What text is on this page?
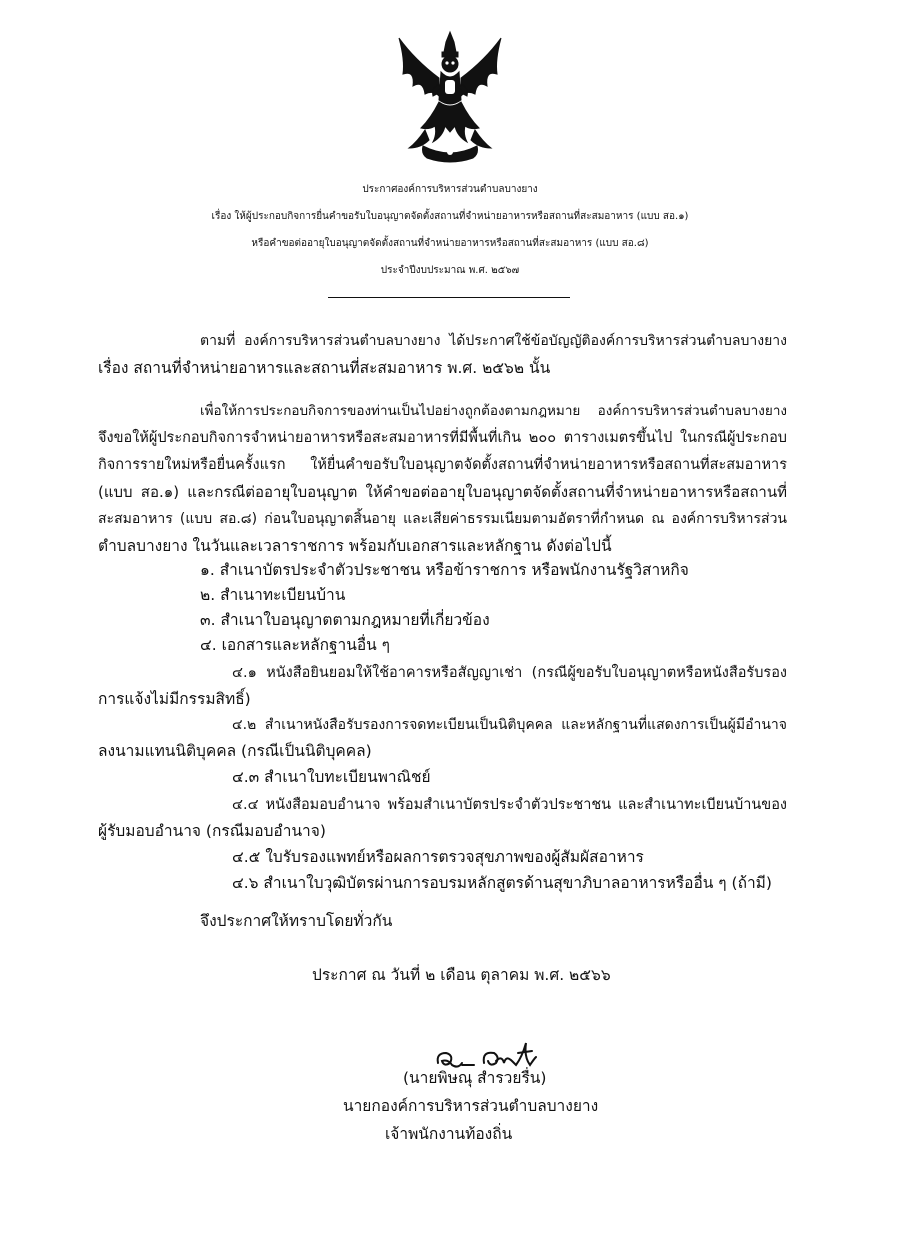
ประกาศองค์การบริหารส่วนตำบลบางยาง
เรื่อง ให้ผู้ประกอบกิจการยื่นคำขอรับใบอนุญาตจัดตั้งสถานที่จำหน่ายอาหารหรือสถานที่สะสมอาหาร (แบบ สอ.๑)
หรือคำขอต่ออายุใบอนุญาตจัดตั้งสถานที่จำหน่ายอาหารหรือสถานที่สะสมอาหาร (แบบ สอ.๘)
ประจำปีงบประมาณ พ.ศ. ๒๕๖๗
ตามที่ องค์การบริหารส่วนตำบลบางยาง ได้ประกาศใช้ข้อบัญญัติองค์การบริหารส่วนตำบลบางยาง
เรื่อง สถานที่จำหน่ายอาหารและสถานที่สะสมอาหาร พ.ศ. ๒๕๖๒ นั้น
เพื่อให้การประกอบกิจการของท่านเป็นไปอย่างถูกต้องตามกฎหมาย องค์การบริหารส่วนตำบลบางยาง
จึงขอให้ผู้ประกอบกิจการจำหน่ายอาหารหรือสะสมอาหารที่มีพื้นที่เกิน ๒๐๐ ตารางเมตรขึ้นไป ในกรณีผู้ประกอบ
กิจการรายใหม่หรือยื่นครั้งแรก ให้ยื่นคำขอรับใบอนุญาตจัดตั้งสถานที่จำหน่ายอาหารหรือสถานที่สะสมอาหาร
(แบบ สอ.๑) และกรณีต่ออายุใบอนุญาต ให้คำขอต่ออายุใบอนุญาตจัดตั้งสถานที่จำหน่ายอาหารหรือสถานที่
สะสมอาหาร (แบบ สอ.๘) ก่อนใบอนุญาตสิ้นอายุ และเสียค่าธรรมเนียมตามอัตราที่กำหนด ณ องค์การบริหารส่วน
ตำบลบางยาง ในวันและเวลาราชการ พร้อมกับเอกสารและหลักฐาน ดังต่อไปนี้
๑. สำเนาบัตรประจำตัวประชาชน หรือข้าราชการ หรือพนักงานรัฐวิสาหกิจ
๒. สำเนาทะเบียนบ้าน
๓. สำเนาใบอนุญาตตามกฎหมายที่เกี่ยวข้อง
๔. เอกสารและหลักฐานอื่น ๆ
๔.๑ หนังสือยินยอมให้ใช้อาคารหรือสัญญาเช่า (กรณีผู้ขอรับใบอนุญาตหรือหนังสือรับรอง
การแจ้งไม่มีกรรมสิทธิ์)
๔.๒ สำเนาหนังสือรับรองการจดทะเบียนเป็นนิติบุคคล และหลักฐานที่แสดงการเป็นผู้มีอำนาจ
ลงนามแทนนิติบุคคล (กรณีเป็นนิติบุคคล)
๔.๓ สำเนาใบทะเบียนพาณิชย์
๔.๔ หนังสือมอบอำนาจ พร้อมสำเนาบัตรประจำตัวประชาชน และสำเนาทะเบียนบ้านของ
ผู้รับมอบอำนาจ (กรณีมอบอำนาจ)
๔.๕ ใบรับรองแพทย์หรือผลการตรวจสุขภาพของผู้สัมผัสอาหาร
๔.๖ สำเนาใบวุฒิบัตรผ่านการอบรมหลักสูตรด้านสุขาภิบาลอาหารหรืออื่น ๆ (ถ้ามี)
จึงประกาศให้ทราบโดยทั่วกัน
ประกาศ ณ วันที่ ๒ เดือน ตุลาคม พ.ศ. ๒๕๖๖
(นายพิษณุ สำรวยรื่น)
นายกองค์การบริหารส่วนตำบลบางยาง
เจ้าพนักงานท้องถิ่น
